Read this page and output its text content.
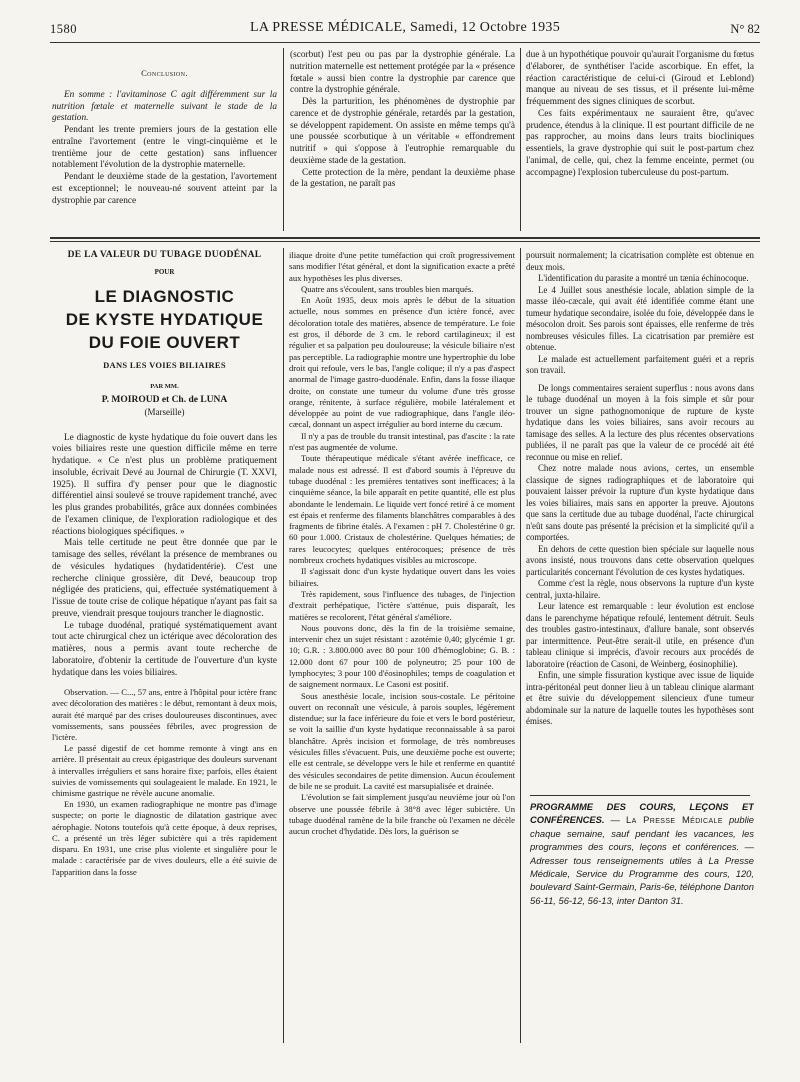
1580	LA PRESSE MÉDICALE, Samedi, 12 Octobre 1935	N° 82

Conclusion.

En somme : l'avitaminose C agit différemment sur la nutrition fœtale et maternelle suivant le stade de la gestation.

Pendant les trente premiers jours de la gestation elle entraîne l'avortement (entre le vingt-cinquième et le trentième jour de cette gestation) sans influencer notablement l'évolution de la dystrophie maternelle.

Pendant le deuxième stade de la gestation, l'avortement est exceptionnel; le nouveau-né souvent atteint par la dystrophie par carence

(scorbut) l'est peu ou pas par la dystrophie générale. La nutrition maternelle est nettement protégée par la « présence fœtale » aussi bien contre la dystrophie par carence que contre la dystrophie générale.

Dès la parturition, les phénomènes de dystrophie par carence et de dystrophie générale, retardés par la gestation, se développent rapidement. On assiste en même temps qu'à une poussée scorbutique à un véritable « effondrement nutritif » qui s'oppose à l'eutrophie remarquable du deuxième stade de la gestation.

Cette protection de la mère, pendant la deuxième phase de la gestation, ne paraît pas

due à un hypothétique pouvoir qu'aurait l'organisme du fœtus d'élaborer, de synthétiser l'acide ascorbique. En effet, la réaction caractéristique de celui-ci (Giroud et Leblond) manque au niveau de ses tissus, et il présente lui-même fréquemment des signes cliniques de scorbut.

Ces faits expérimentaux ne sauraient être, qu'avec prudence, étendus à la clinique. Il est pourtant difficile de ne pas rapprocher, au moins dans leurs traits biocliniques essentiels, la grave dystrophie qui suit le post-partum chez l'animal, de celle, qui, chez la femme enceinte, permet (ou accompagne) l'explosion tuberculeuse du post-partum.

DE LA VALEUR DU TUBAGE DUODÉNAL
POUR
LE DIAGNOSTIC
DE KYSTE HYDATIQUE
DU FOIE OUVERT
DANS LES VOIES BILIAIRES
PAR MM.
P. MOIROUD et Ch. de LUNA
(Marseille)

Le diagnostic de kyste hydatique du foie ouvert dans les voies biliaires reste une question difficile même en terre hydatique. « Ce n'est plus un problème pratiquement insoluble, écrivait Devé au Journal de Chirurgie (T. XXVI, 1925). Il suffira d'y penser pour que le diagnostic différentiel ainsi soulevé se trouve rapidement tranché, avec les plus grandes probabilités, grâce aux données combinées de l'examen clinique, de l'exploration radiologique et des réactions biologiques spécifiques. »

Mais telle certitude ne peut être donnée que par le tamisage des selles, révélant la présence de membranes ou de vésicules hydatiques (hydatidentérie). C'est une recherche clinique grossière, dit Devé, beaucoup trop négligée des praticiens, qui, effectuée systématiquement à l'issue de toute crise de colique hépatique n'ayant pas fait sa preuve, viendrait presque toujours trancher le diagnostic.

Le tubage duodénal, pratiqué systématiquement avant tout acte chirurgical chez un ictérique avec décoloration des matières, nous a permis avant toute recherche de laboratoire, d'obtenir la certitude de l'ouverture d'un kyste hydatique dans les voies biliaires.

Observation. — C..., 57 ans, entre à l'hôpital pour ictère franc avec décoloration des matières : le début, remontant à deux mois, aurait été marqué par des crises douloureuses discontinues, avec vomissements, sans poussées fébriles, avec progression de l'ictère.

Le passé digestif de cet homme remonte à vingt ans en arrière. Il présentait au creux épigastrique des douleurs survenant à intervalles irréguliers et sans horaire fixe; parfois, elles étaient suivies de vomissements qui soulageaient le malade. En 1921, le chimisme gastrique ne révèle aucune anomalie.

En 1930, un examen radiographique ne montre pas d'image suspecte; on porte le diagnostic de dilatation gastrique avec aérophagie. Notons toutefois qu'à cette époque, à deux reprises, C. a présenté un très léger subictère qui a très rapidement disparu. En 1931, une crise plus violente et singulière pour le malade : caractérisée par de vives douleurs, elle a été suivie de l'apparition dans la fosse

iliaque droite d'une petite tuméfaction qui croît progressivement sans modifier l'état général, et dont la signification exacte a prêté aux hypothèses les plus diverses.

Quatre ans s'écoulent, sans troubles bien marqués.

En Août 1935, deux mois après le début de la situation actuelle, nous sommes en présence d'un ictère foncé, avec décoloration totale des matières, absence de température. Le foie est gros, il déborde de 3 cm. le rebord cartilagineux; il est régulier et sa palpation peu douloureuse; la vésicule biliaire n'est pas perceptible. La radiographie montre une hypertrophie du lobe droit qui refoule, vers le bas, l'angle colique; il n'y a pas d'aspect anormal de l'image gastro-duodénale. Enfin, dans la fosse iliaque droite, on constate une tumeur du volume d'une très grosse orange, rénitente, à surface régulière, mobile latéralement et développée au point de vue radiographique, dans l'angle iléo-cæcal, donnant un aspect irrégulier au bord interne du cæcum.

Il n'y a pas de trouble du transit intestinal, pas d'ascite : la rate n'est pas augmentée de volume.

Toute thérapeutique médicale s'étant avérée inefficace, ce malade nous est adressé. Il est d'abord soumis à l'épreuve du tubage duodénal : les premières tentatives sont inefficaces; à la cinquième séance, la bile apparaît en petite quantité, elle est plus abondante le lendemain. Le liquide vert foncé retiré à ce moment est épais et renferme des filaments blanchâtres comparables à des fragments de fibrine étalés. A l'examen : pH 7. Cholestérine 0 gr. 60 pour 1.000. Cristaux de cholestérine. Quelques hématies; de rares leucocytes; quelques entérocoques; présence de très nombreux crochets hydatiques visibles au microscope.

Il s'agissait donc d'un kyste hydatique ouvert dans les voies biliaires.

Très rapidement, sous l'influence des tubages, de l'injection d'extrait perhépatique, l'ictère s'atténue, puis disparaît, les matières se recolorent, l'état général s'améliore.

Nous pouvons donc, dès la fin de la troisième semaine, intervenir chez un sujet résistant : azotémie 0,40; glycémie 1 gr. 10; G.R. : 3.800.000 avec 80 pour 100 d'hémoglobine; G. B. : 12.000 dont 67 pour 100 de polyneutro; 25 pour 100 de lymphocytes; 3 pour 100 d'éosinophiles; temps de coagulation et de saignement normaux. Le Casoni est positif.

Sous anesthésie locale, incision sous-costale. Le péritoine ouvert on reconnaît une vésicule, à parois souples, légèrement distendue; sur la face inférieure du foie et vers le bord postérieur, se voit la saillie d'un kyste hydatique reconnaissable à sa paroi blanchâtre. Après incision et formolage, de très nombreuses vésicules filles s'évacuent. Puis, une deuxième poche est ouverte; elle est centrale, se développe vers le hile et renferme en quantité des vésicules secondaires de petite dimension. Aucun écoulement de bile ne se produit. La cavité est marsupialisée et drainée.

L'évolution se fait simplement jusqu'au neuvième jour où l'on observe une poussée fébrile à 38°8 avec léger subictère. Un tubage duodénal ramène de la bile franche où l'examen ne décèle aucun crochet d'hydatide. Dès lors, la guérison se

poursuit normalement; la cicatrisation complète est obtenue en deux mois.

L'identification du parasite a montré un tænia échinocoque.

Le 4 Juillet sous anesthésie locale, ablation simple de la masse iléo-cæcale, qui avait été identifiée comme étant une tumeur hydatique secondaire, isolée du foie, développée dans le mésocolon droit. Ses parois sont épaisses, elle renferme de très nombreuses vésicules filles. La cicatrisation par première est obtenue.

Le malade est actuellement parfaitement guéri et a repris son travail.

De longs commentaires seraient superflus : nous avons dans le tubage duodénal un moyen à la fois simple et sûr pour trouver un signe pathognomonique de rupture de kyste hydatique dans les voies biliaires, sans avoir recours au tamisage des selles. A la lecture des plus récentes observations publiées, il ne paraît pas que la valeur de ce procédé ait été reconnue ou mise en relief.

Chez notre malade nous avions, certes, un ensemble classique de signes radiographiques et de laboratoire qui pouvaient laisser prévoir la rupture d'un kyste hydatique dans les voies biliaires, mais sans en apporter la preuve. Ajoutons que sans la certitude due au tubage duodénal, l'acte chirurgical n'eût sans doute pas présenté la précision et la simplicité qu'il a comportées.

En dehors de cette question bien spéciale sur laquelle nous avons insisté, nous trouvons dans cette observation quelques particularités concernant l'évolution de ces kystes hydatiques.

Comme c'est la règle, nous observons la rupture d'un kyste central, juxta-hilaire.

Leur latence est remarquable : leur évolution est enclose dans le parenchyme hépatique refoulé, lentement détruit. Seuls des troubles gastro-intestinaux, d'allure banale, sont observés par intermittence. Peut-être serait-il utile, en présence d'un tableau clinique si imprécis, d'avoir recours aux procédés de laboratoire (réaction de Casoni, de Weinberg, éosinophilie).

Enfin, une simple fissuration kystique avec issue de liquide intra-péritonéal peut donner lieu à un tableau clinique alarmant et être suivie du développement silencieux d'une tumeur abdominale sur la nature de laquelle toutes les hypothèses sont émises.

PROGRAMME DES COURS, LEÇONS ET CONFÉRENCES. — La Presse Médicale publie chaque semaine, sauf pendant les vacances, les programmes des cours, leçons et conférences. — Adresser tous renseignements utiles à La Presse Médicale, Service du Programme des cours, 120, boulevard Saint-Germain, Paris-6e, téléphone Danton 56-11, 56-12, 56-13, inter Danton 31.
